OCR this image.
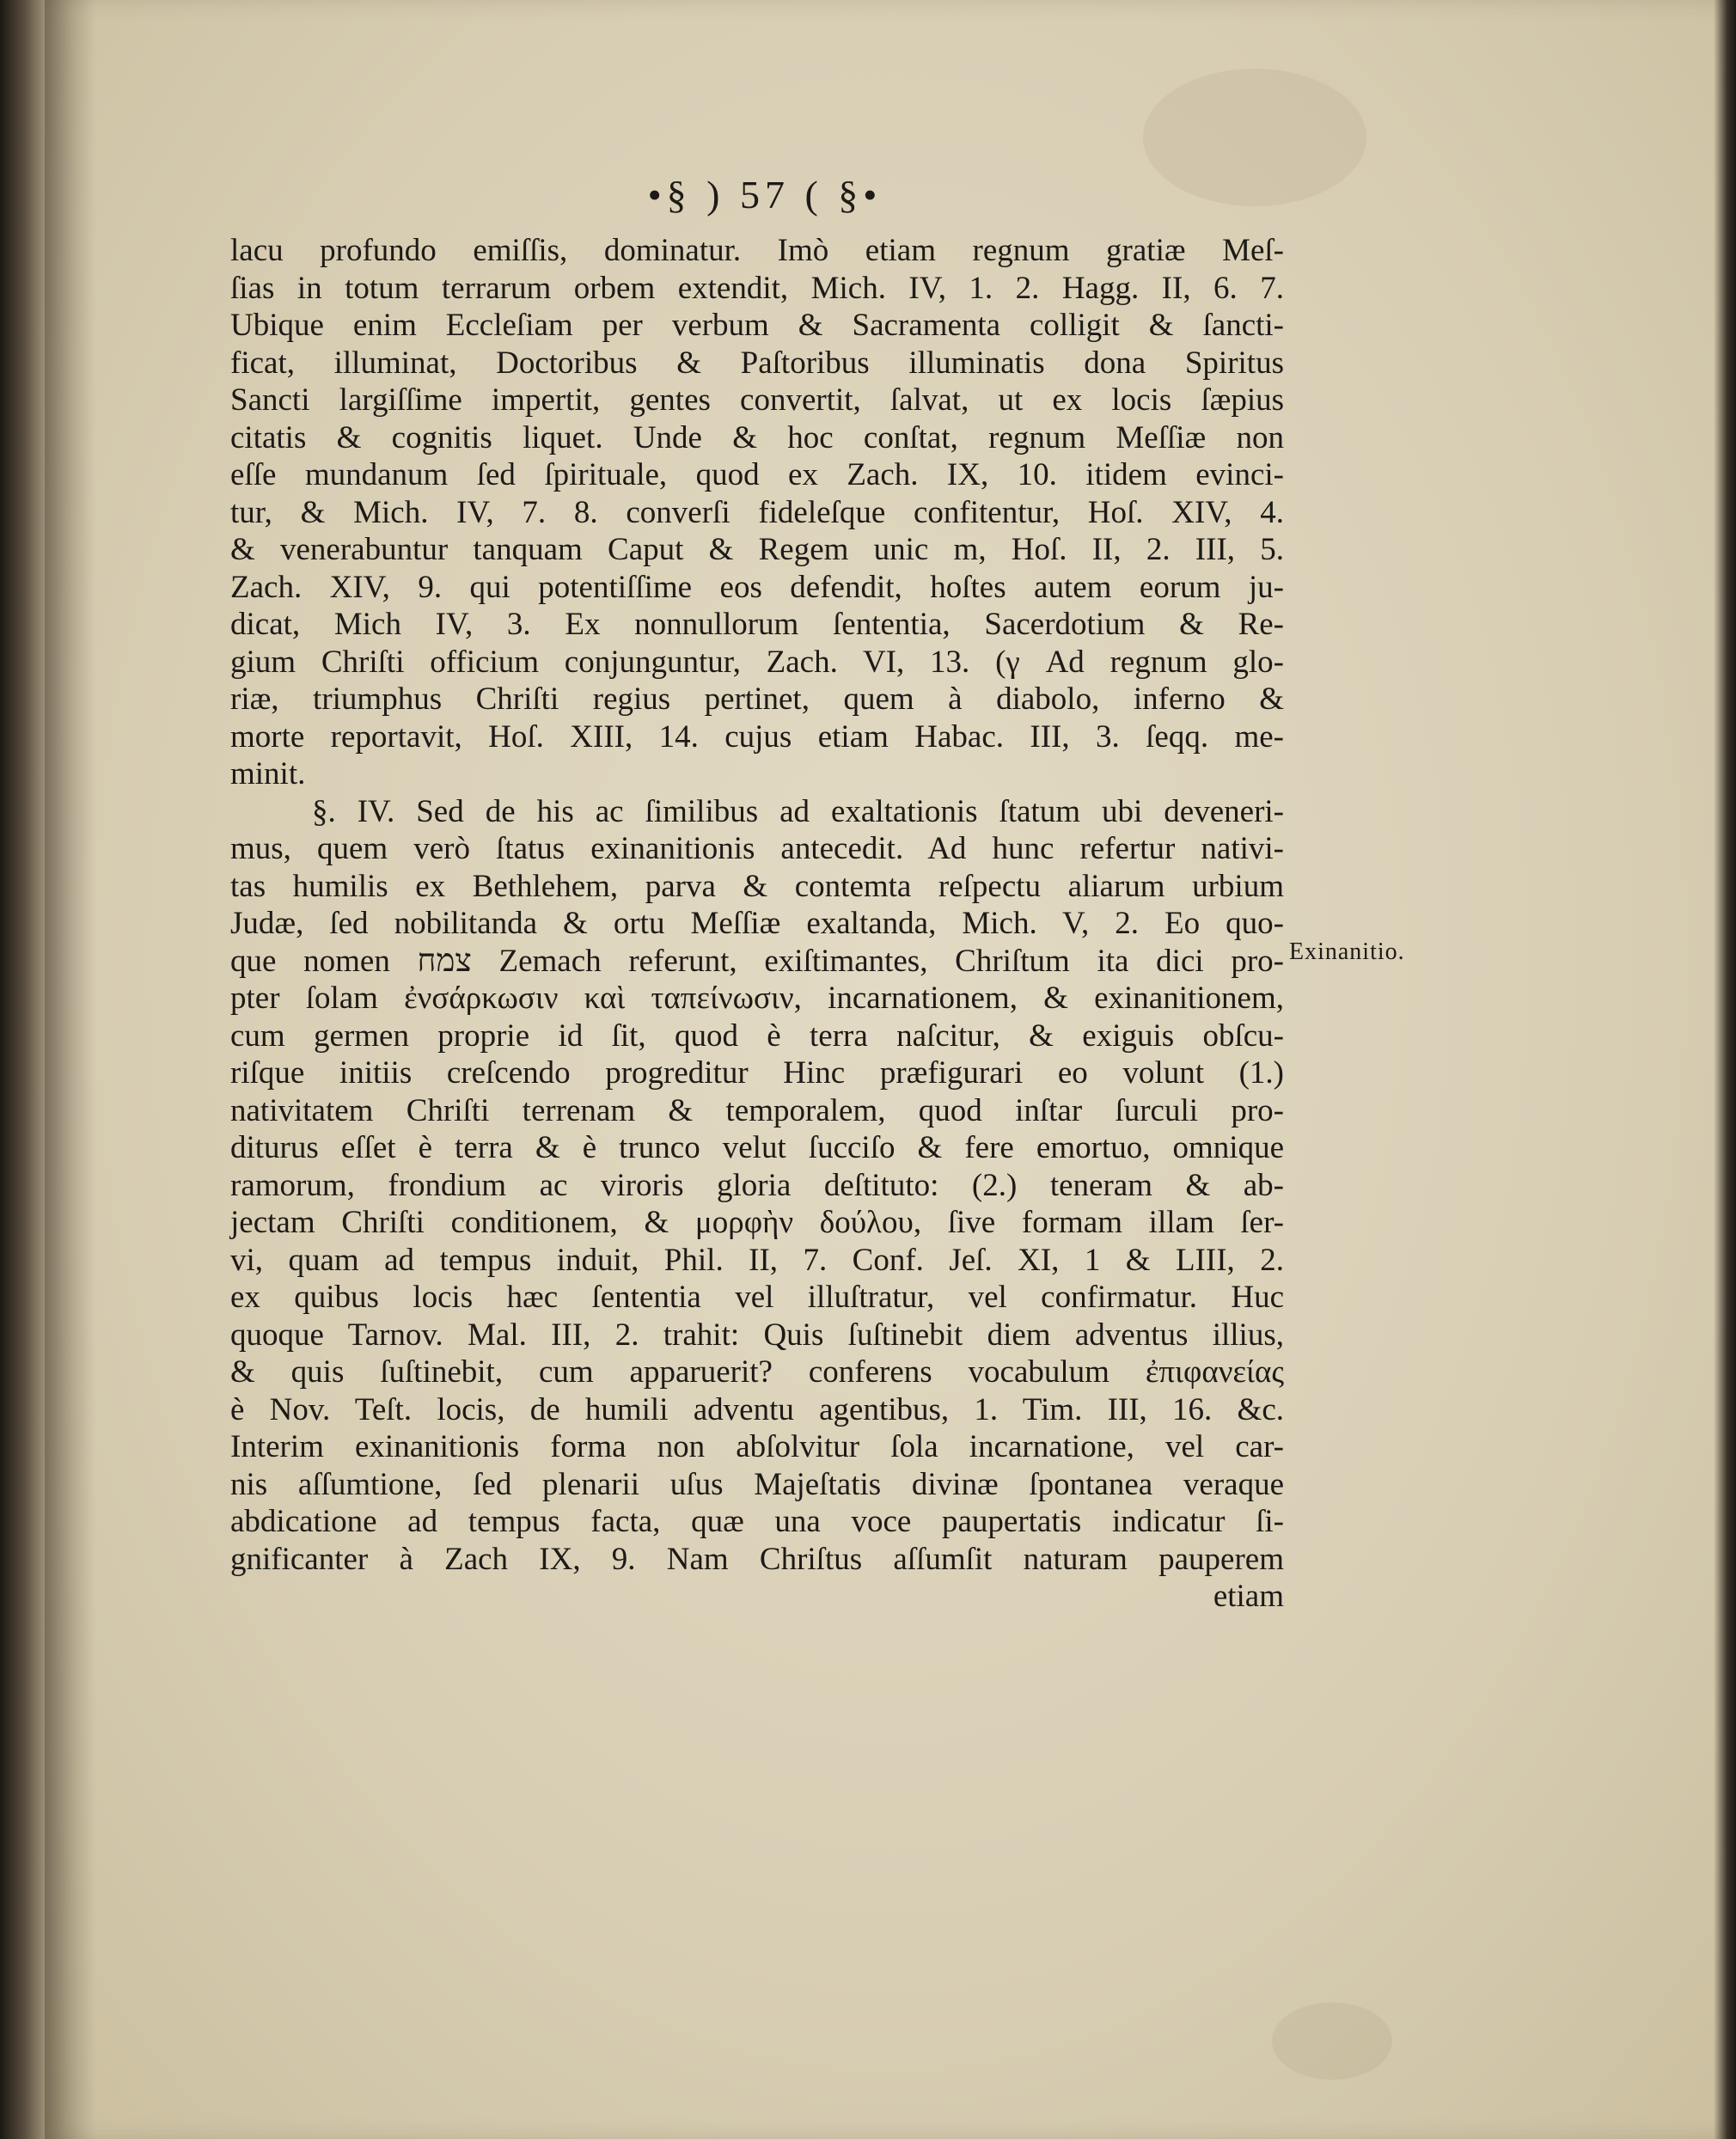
•§ ) 57 ( §•
lacu profundo emiſſis, dominatur. Imò etiam regnum gratiæ Meſ-
ſias in totum terrarum orbem extendit, Mich. IV, 1. 2. Hagg. II, 6. 7.
Ubique enim Eccleſiam per verbum & Sacramenta colligit & ſancti-
ficat, illuminat, Doctoribus & Paſtoribus illuminatis dona Spiritus
Sancti largiſſime impertit, gentes convertit, ſalvat, ut ex locis ſæpius
citatis & cognitis liquet. Unde & hoc conſtat, regnum Meſſiæ non
eſſe mundanum ſed ſpirituale, quod ex Zach. IX, 10. itidem evinci-
tur, & Mich. IV, 7. 8. converſi fideleſque confitentur, Hoſ. XIV, 4.
& venerabuntur tanquam Caput & Regem unic m, Hoſ. II, 2. III, 5.
Zach. XIV, 9. qui potentiſſime eos defendit, hoſtes autem eorum ju-
dicat, Mich IV, 3. Ex nonnullorum ſententia, Sacerdotium & Re-
gium Chriſti officium conjunguntur, Zach. VI, 13. (γ Ad regnum glo-
riæ, triumphus Chriſti regius pertinet, quem à diabolo, inferno &
morte reportavit, Hoſ. XIII, 14. cujus etiam Habac. III, 3. ſeqq. me-
minit.
§. IV. Sed de his ac ſimilibus ad exaltationis ſtatum ubi deveneri-
mus, quem verò ſtatus exinanitionis antecedit. Ad hunc refertur nativi-
tas humilis ex Bethlehem, parva & contemta reſpectu aliarum urbium
Judæ, ſed nobilitanda & ortu Meſſiæ exaltanda, Mich. V, 2. Eo quo-
que nomen צמח Zemach referunt, exiſtimantes, Chriſtum ita dici pro-
pter ſolam ἐνσάρκωσιν καὶ ταπείνωσιν, incarnationem, & exinanitionem,
cum germen proprie id ſit, quod è terra naſcitur, & exiguis obſcu-
riſque initiis creſcendo progreditur Hinc præfigurari eo volunt (1.)
nativitatem Chriſti terrenam & temporalem, quod inſtar ſurculi pro-
diturus eſſet è terra & è trunco velut ſucciſo & fere emortuo, omnique
ramorum, frondium ac viroris gloria deſtituto: (2.) teneram & ab-
jectam Chriſti conditionem, & μορφὴν δούλου, ſive formam illam ſer-
vi, quam ad tempus induit, Phil. II, 7. Conf. Jeſ. XI, 1 & LIII, 2.
ex quibus locis hæc ſententia vel illuſtratur, vel confirmatur. Huc
quoque Tarnov. Mal. III, 2. trahit: Quis ſuſtinebit diem adventus illius,
& quis ſuſtinebit, cum apparuerit? conferens vocabulum ἐπιφανείας
è Nov. Teſt. locis, de humili adventu agentibus, 1. Tim. III, 16. &c.
Interim exinanitionis forma non abſolvitur ſola incarnatione, vel car-
nis aſſumtione, ſed plenarii uſus Majeſtatis divinæ ſpontanea veraque
abdicatione ad tempus facta, quæ una voce paupertatis indicatur ſi-
gnificanter à Zach IX, 9. Nam Chriſtus aſſumſit naturam pauperem
etiam
Exinanitio.
